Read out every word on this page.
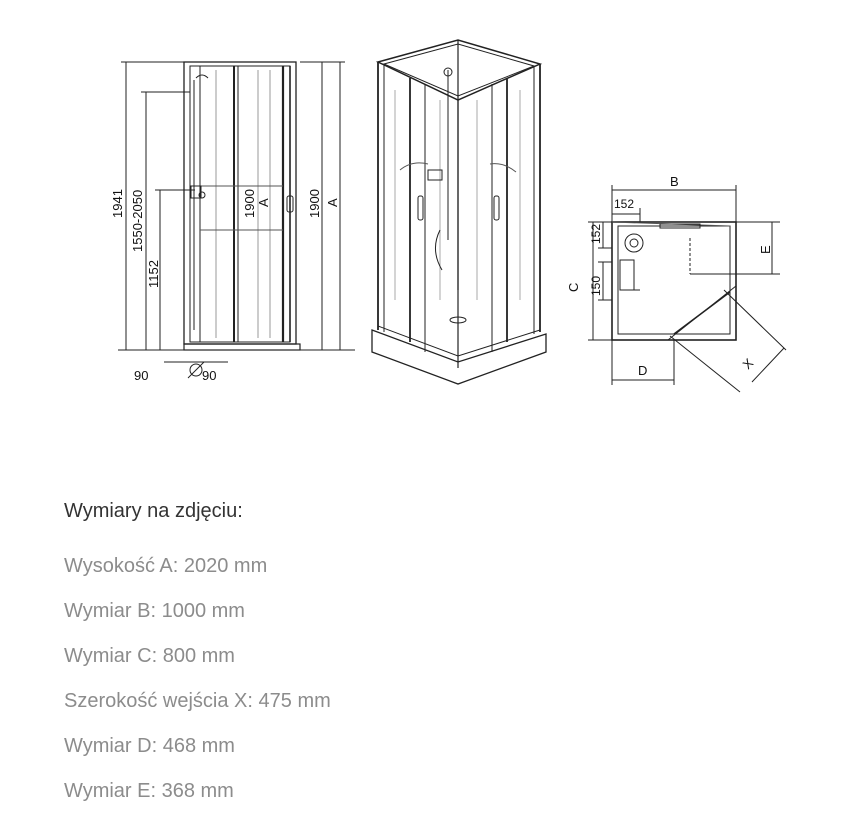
1941 1550-2050
1152
1900 A	1900 A
90	90
B
152
152
150
C
E
D	X
Wymiary na zdjęciu:
Wysokość A: 2020 mm
Wymiar B: 1000 mm
Wymiar C: 800 mm
Szerokość wejścia X: 475 mm
Wymiar D: 468 mm
Wymiar E: 368 mm
